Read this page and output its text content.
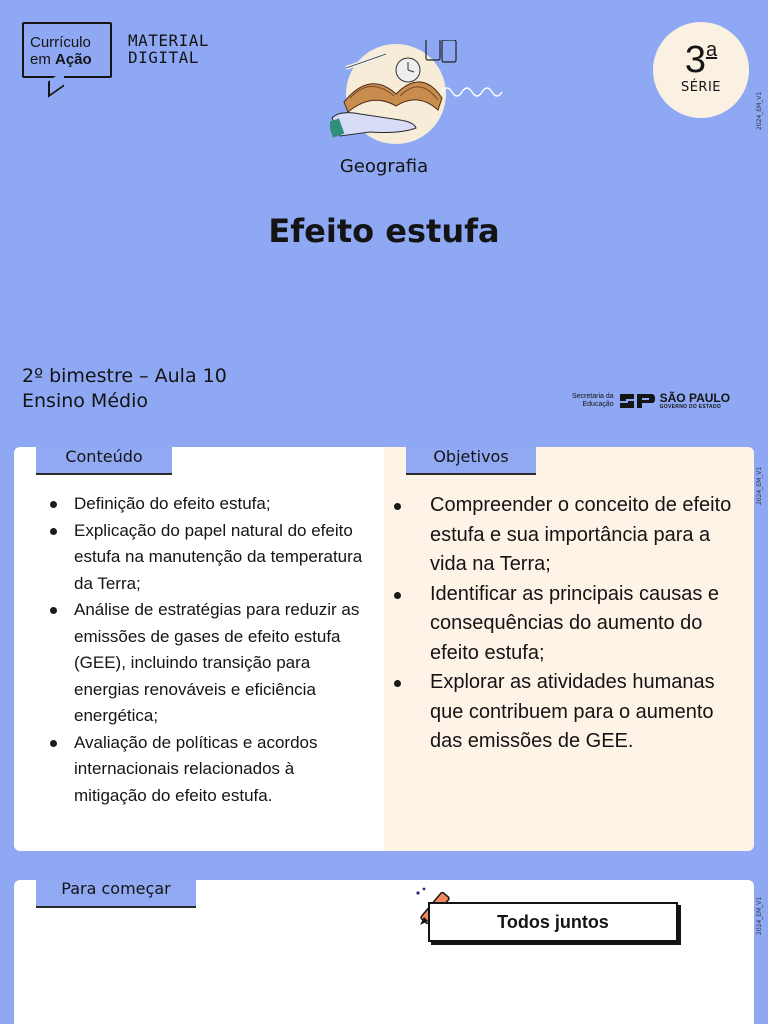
Currículo
em Ação
MATERIAL
DIGITAL	3$^a$
SÉRIE
2024_EM_V1
Geografia
Efeito estufa
2º bimestre – Aula 10
Ensino Médio	Secretaria da
Educação	SÃO PAULO
GOVERNO DO ESTADO
Conteúdo
Definição do efeito estufa;
Explicação do papel natural do efeito estufa na manutenção da temperatura da Terra;
Análise de estratégias para reduzir as emissões de gases de efeito estufa (GEE), incluindo transição para energias renováveis e eficiência energética;
Avaliação de políticas e acordos internacionais relacionados à mitigação do efeito estufa.
Objetivos
Compreender o conceito de efeito estufa e sua importância para a vida na Terra;
Identificar as principais causas e consequências do aumento do efeito estufa;
Explorar as atividades humanas que contribuem para o aumento das emissões de GEE.
2024_EM_V1
Para começar
Todos juntos	2024_EM_V1
